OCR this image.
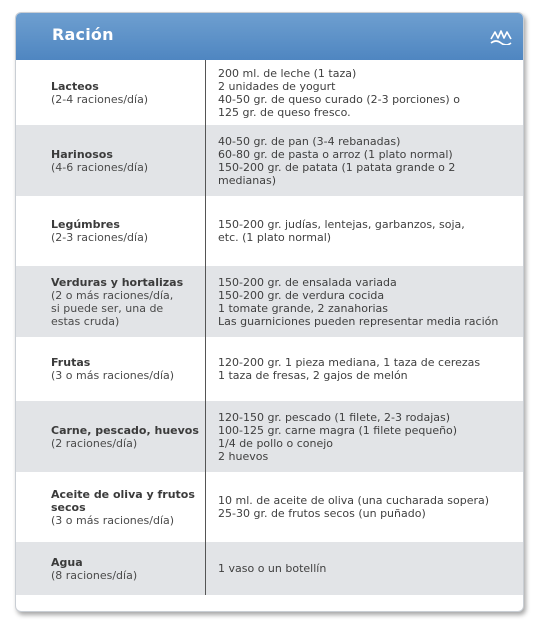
Ración
Lacteos
(2-4 raciones/día)
200 ml. de leche (1 taza)
2 unidades de yogurt
40-50 gr. de queso curado (2-3 porciones) o
125 gr. de queso fresco.
Harinosos
(4-6 raciones/día)
40-50 gr. de pan (3-4 rebanadas)
60-80 gr. de pasta o arroz (1 plato normal)
150-200 gr. de patata (1 patata grande o 2
medianas)
Legúmbres
(2-3 raciones/día)
150-200 gr. judías, lentejas, garbanzos, soja,
etc. (1 plato normal)
Verduras y hortalizas
(2 o más raciones/día,
si puede ser, una de
estas cruda)
150-200 gr. de ensalada variada
150-200 gr. de verdura cocida
1 tomate grande, 2 zanahorias
Las guarniciones pueden representar media ración
Frutas
(3 o más raciones/día)
120-200 gr. 1 pieza mediana, 1 taza de cerezas
1 taza de fresas, 2 gajos de melón
Carne, pescado, huevos
(2 raciones/día)
120-150 gr. pescado (1 filete, 2-3 rodajas)
100-125 gr. carne magra (1 filete pequeño)
1/4 de pollo o conejo
2 huevos
Aceite de oliva y frutos
secos
(3 o más raciones/día)
10 ml. de aceite de oliva (una cucharada sopera)
25-30 gr. de frutos secos (un puñado)
Agua
(8 raciones/día)	1 vaso o un botellín
